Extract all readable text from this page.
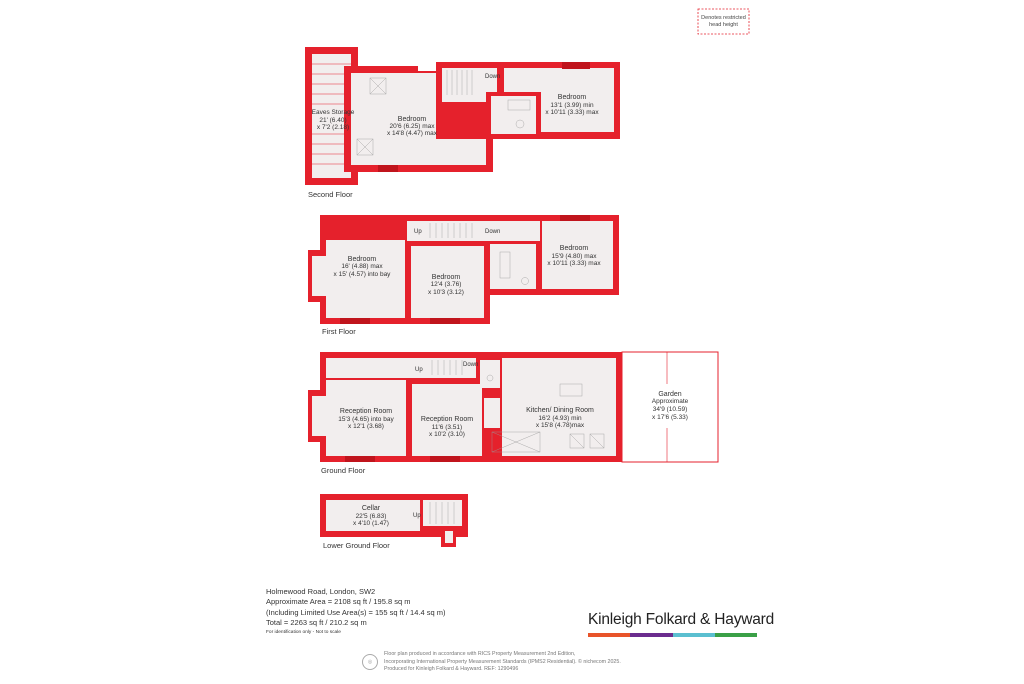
Denotes restricted
head height
Eaves Storage
21' (6.40)
x 7'2 (2.18)
Bedroom
20'6 (6.25) max
x 14'8 (4.47) max
Bedroom
13'1 (3.99) min
x 10'11 (3.33) max
Down
Second Floor
Bedroom
16' (4.88) max
x 15' (4.57) into bay	Bedroom
12'4 (3.76)
x 10'3 (3.12)
Bedroom
15'9 (4.80) max
x 10'11 (3.33) max
Up	Down
First Floor
Garden
Approximate
34'9 (10.59)
x 17'6 (5.33)
Reception Room
15'3 (4.65) into bay
x 12'1 (3.68)
Reception Room
11'6 (3.51)
x 10'2 (3.10)
Kitchen/ Dining Room
16'2 (4.93) min
x 15'8 (4.78)max
Up
Down
Ground Floor
Cellar
22'5 (6.83)
x 4'10 (1.47)
Up
Lower Ground Floor
Holmewood Road, London, SW2
Approximate Area = 2108 sq ft / 195.8 sq m
(Including Limited Use Area(s) = 155 sq ft / 14.4 sq m)
Total = 2263 sq ft / 210.2 sq m
For identification only - Not to scale
Kinleigh Folkard & Hayward
◎
Floor plan produced in accordance with RICS Property Measurement 2nd Edition,
Incorporating International Property Measurement Standards (IPMS2 Residential). © nichecom 2025.
Produced for Kinleigh Folkard & Hayward. REF: 1290496
